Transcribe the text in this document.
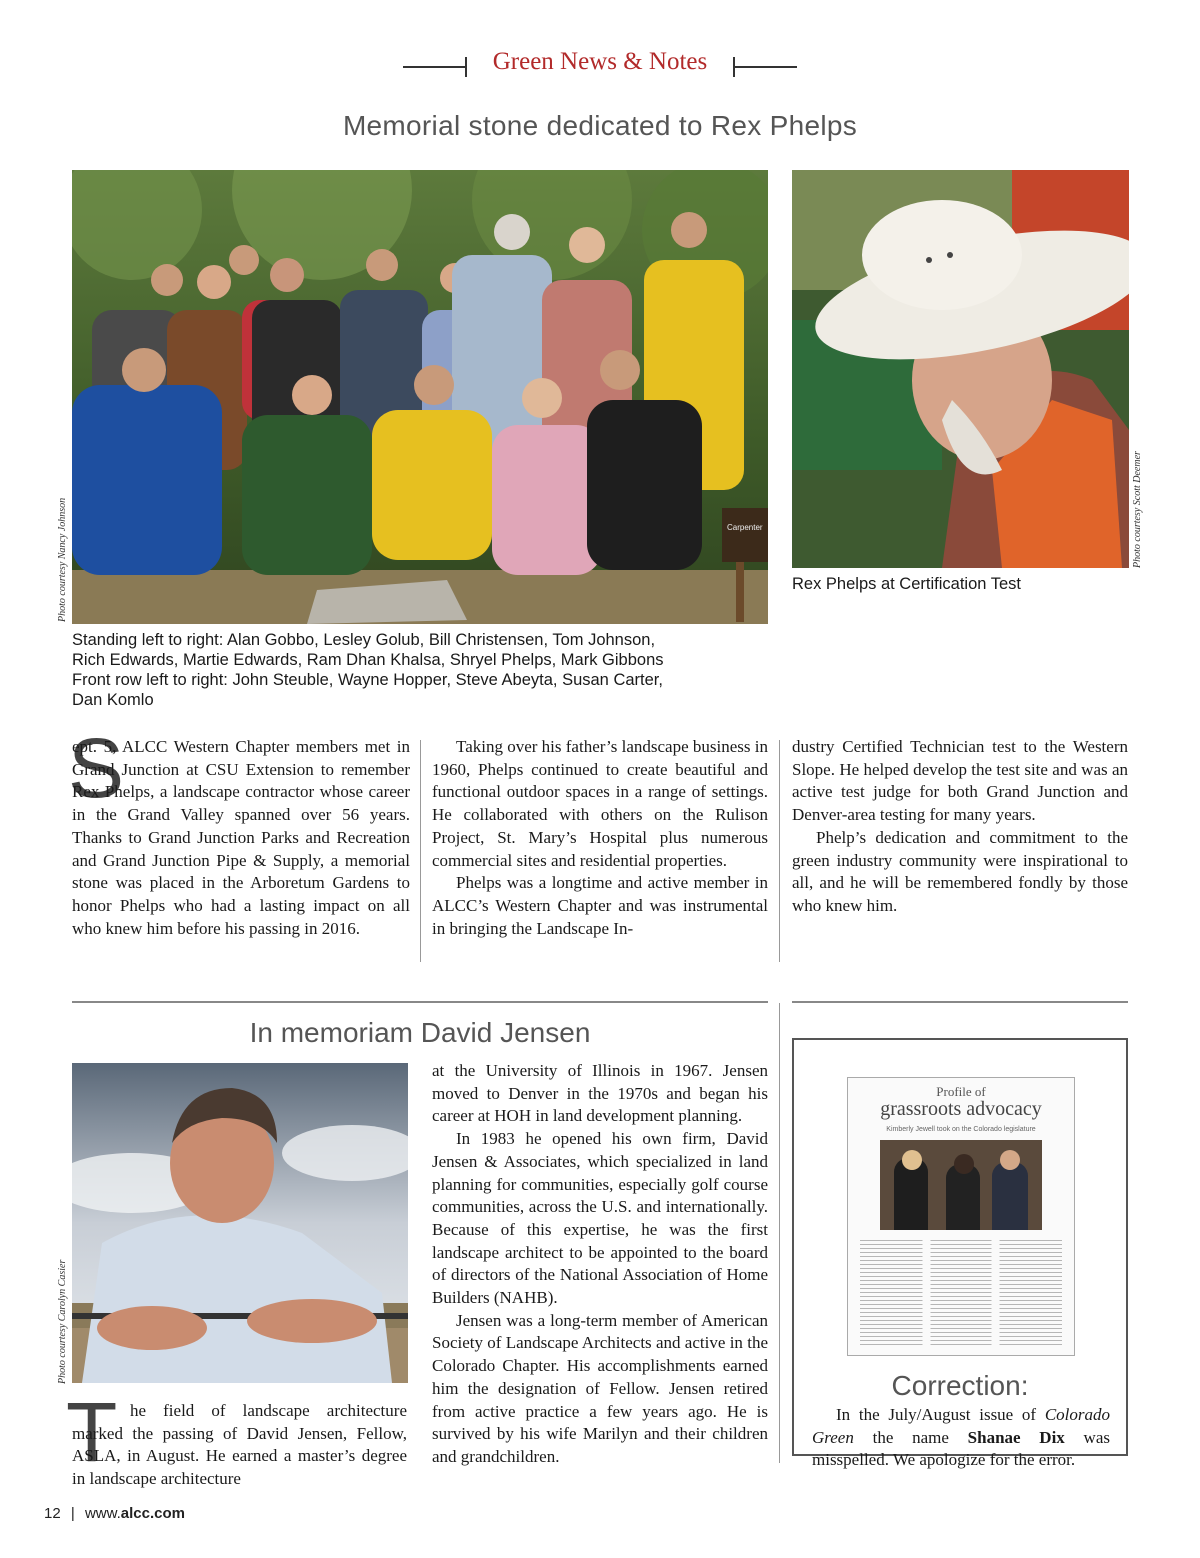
Green News & Notes
Memorial stone dedicated to Rex Phelps
Carpenter
Photo courtesy Nancy Johnson	Photo courtesy Scott Deemer
Rex Phelps at Certification Test
Standing left to right: Alan Gobbo, Lesley Golub, Bill Christensen, Tom Johnson,
Rich Edwards, Martie Edwards, Ram Dhan Khalsa, Shryel Phelps, Mark Gibbons
Front row left to right: John Steuble, Wayne Hopper, Steve Abeyta, Susan Carter,
Dan Komlo
S

ept. 5, ALCC Western Chapter members met in Grand Junction at CSU Extension to remember Rex Phelps, a landscape contractor whose career in the Grand Valley spanned over 56 years. Thanks to Grand Junction Parks and Recreation and Grand Junction Pipe & Supply, a memorial stone was placed in the Arboretum Gardens to honor Phelps who had a lasting impact on all who knew him before his passing in 2016.

Taking over his father’s landscape business in 1960, Phelps continued to create beautiful and functional outdoor spaces in a range of settings. He collaborated with others on the Rulison Project, St. Mary’s Hospital plus numerous commercial sites and residential properties.

Phelps was a longtime and active member in ALCC’s Western Chapter and was instrumental in bringing the Landscape In-

dustry Certified Technician test to the Western Slope. He helped develop the test site and was an active test judge for both Grand Junction and Denver-area testing for many years.

Phelp’s dedication and commitment to the green industry community were inspirational to all, and he will be remembered fondly by those who knew him.

In memoriam David Jensen
Photo courtesy Carolyn Casier
T he field of landscape architecture marked the passing of David Jensen, Fellow, ASLA, in August. He earned a master’s degree in landscape architecture

at the University of Illinois in 1967. Jensen moved to Denver in the 1970s and began his career at HOH in land development planning.

In 1983 he opened his own firm, David Jensen & Associates, which specialized in land planning for communities, especially golf course communities, across the U.S. and internationally. Because of this expertise, he was the first landscape architect to be appointed to the board of directors of the National Association of Home Builders (NAHB).

Jensen was a long-term member of American Society of Landscape Architects and active in the Colorado Chapter. His accomplishments earned him the designation of Fellow. Jensen retired from active practice a few years ago. He is survived by his wife Marilyn and their children and grandchildren.

Profile of
grassroots advocacy
Kimberly Jewell took on the Colorado legislature
Correction:
In the July/August issue of Colorado Green the name Shanae Dix was misspelled. We apologize for the error.
12 | www.alcc.com
